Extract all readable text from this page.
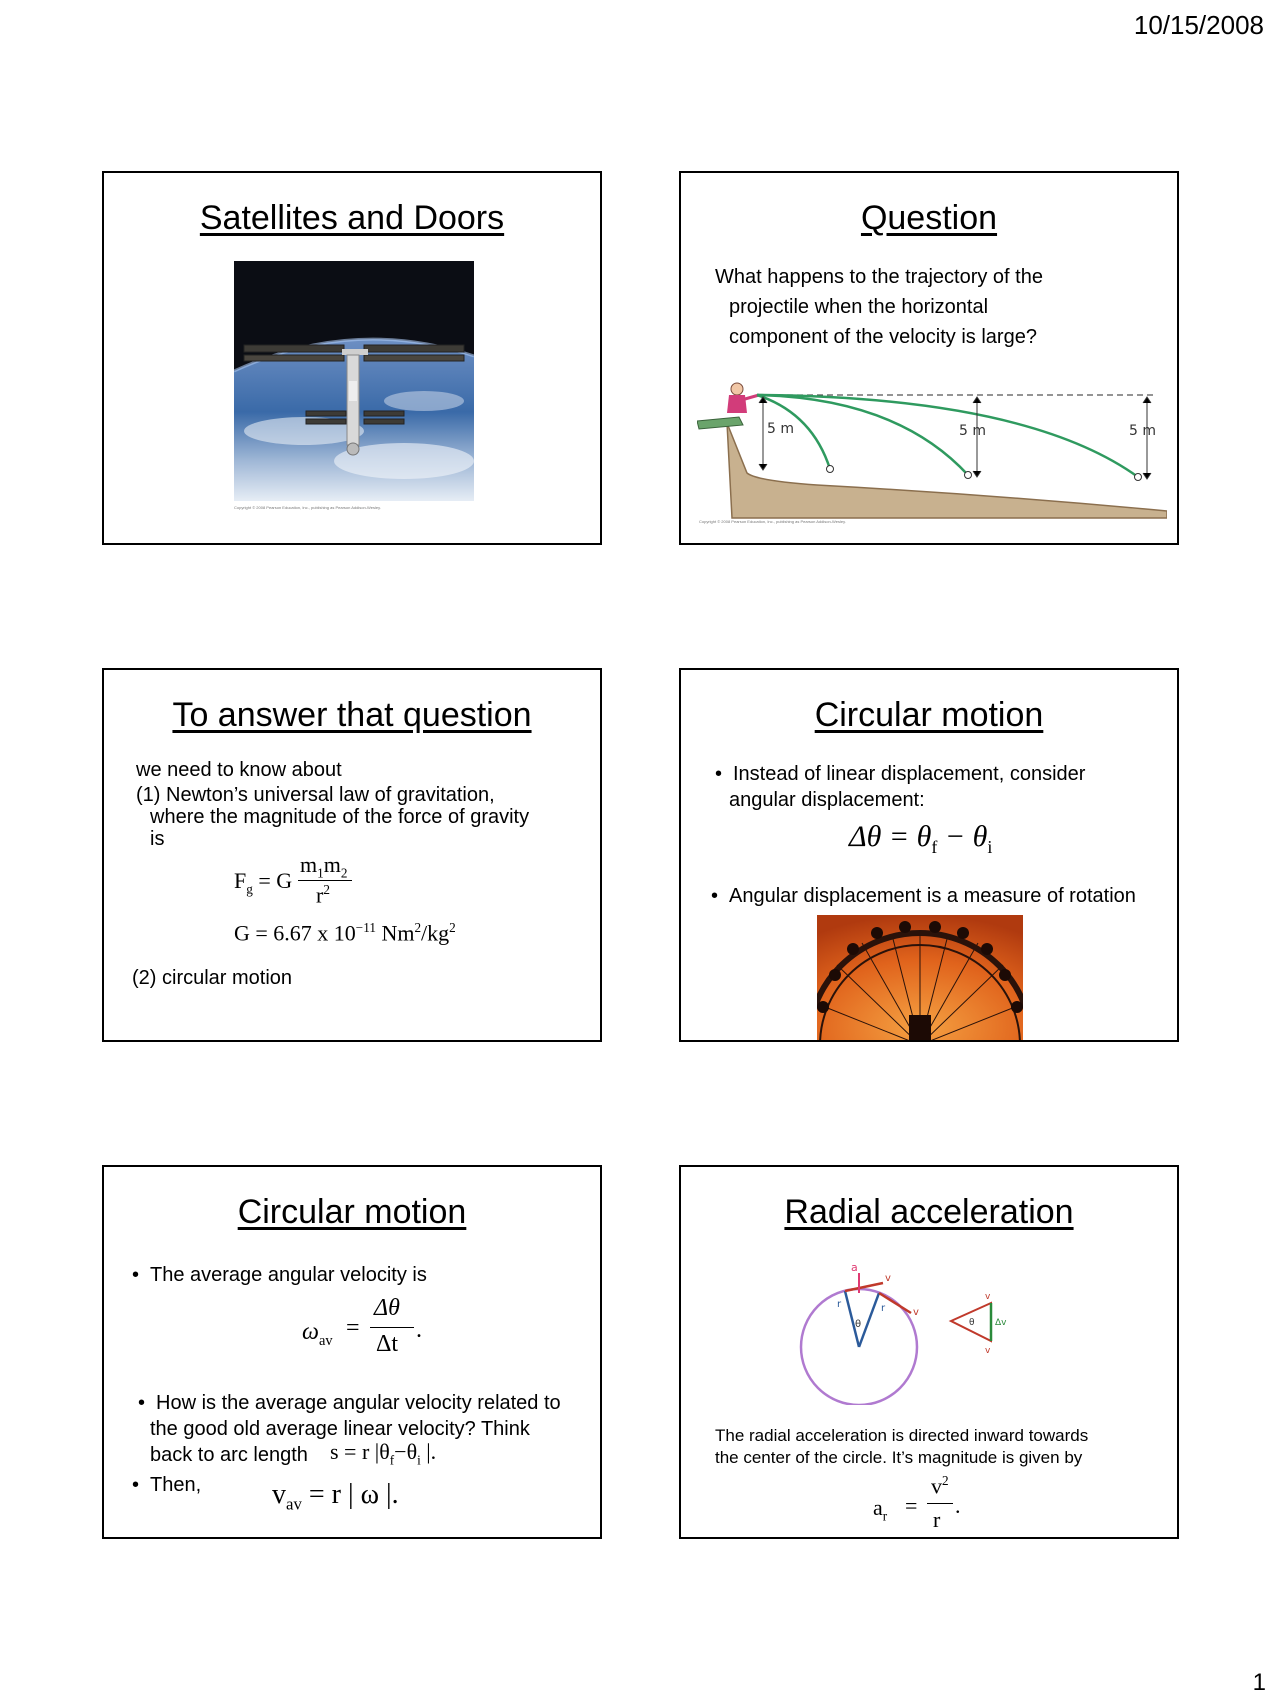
10/15/2008
Satellites and Doors
Copyright © 2008 Pearson Education, Inc., publishing as Pearson Addison-Wesley.
Question
What happens to the trajectory of the
projectile when the horizontal
component of the velocity is large?
5 m	5 m	5 m
Copyright © 2008 Pearson Education, Inc., publishing as Pearson Addison-Wesley.
To answer that question
we need to know about
(1) Newton’s universal law of gravitation,
where the magnitude of the force of gravity
is
$F_g = G$
$m_1m_2$
$r^2$
G = 6.67 x $10^{-11}$ $Nm^2/kg^2$
(2) circular motion
Circular motion
• Instead of linear displacement, consider
angular displacement:
$\Delta\theta = \theta_f - \theta_i$
• Angular displacement is a measure of rotation
Circular motion
• The average angular velocity is
$\omega_{av}$ =
Δθ
Δt
.
• How is the average angular velocity related to
the good old average linear velocity? Think
back to arc length s = r $|\theta_f-\theta_i$ |.
• Then,	$v_{av} = r$ | ω |.
Radial acceleration
a
v
v
r	r
θ
v
v
Δv
θ
The radial acceleration is directed inward towards
the center of the circle. It’s magnitude is given by
$a_r$ =
$v^2$
r
.
1
